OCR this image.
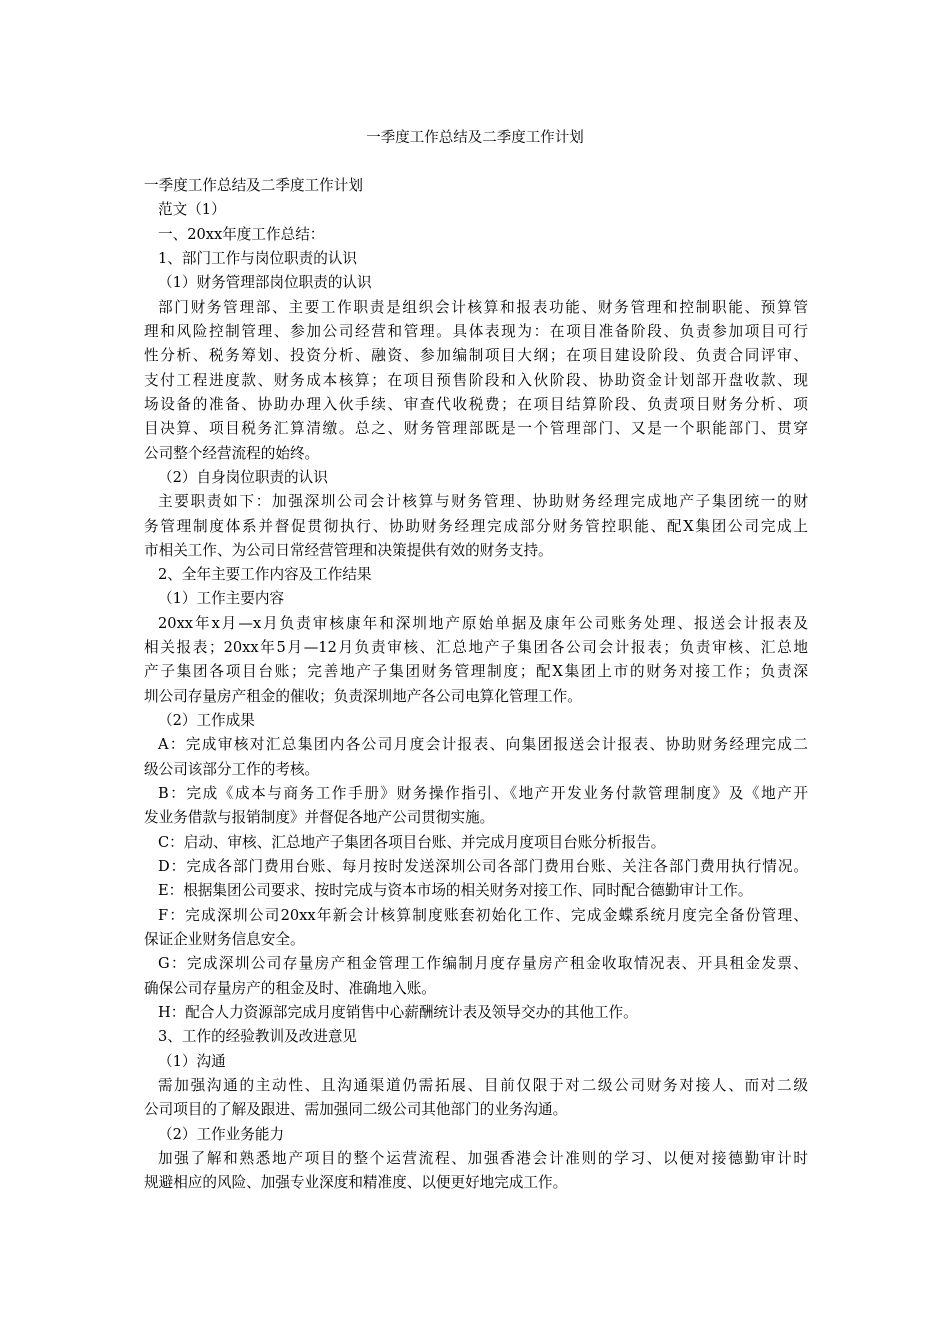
一季度工作总结及二季度工作计划
一季度工作总结及二季度工作计划
范文（1）
一、20xx年度工作总结：
1、部门工作与岗位职责的认识
（1）财务管理部岗位职责的认识
部门财务管理部、主要工作职责是组织会计核算和报表功能、财务管理和控制职能、预算管
理和风险控制管理、参加公司经营和管理。具体表现为：在项目准备阶段、负责参加项目可行
性分析、税务筹划、投资分析、融资、参加编制项目大纲；在项目建设阶段、负责合同评审、
支付工程进度款、财务成本核算；在项目预售阶段和入伙阶段、协助资金计划部开盘收款、现
场设备的准备、协助办理入伙手续、审查代收税费；在项目结算阶段、负责项目财务分析、项
目决算、项目税务汇算清缴。总之、财务管理部既是一个管理部门、又是一个职能部门、贯穿
公司整个经营流程的始终。
（2）自身岗位职责的认识
主要职责如下：加强深圳公司会计核算与财务管理、协助财务经理完成地产子集团统一的财
务管理制度体系并督促贯彻执行、协助财务经理完成部分财务管控职能、配X集团公司完成上
市相关工作、为公司日常经营管理和决策提供有效的财务支持。
2、全年主要工作内容及工作结果
（1）工作主要内容
20xx年x月—x月负责审核康年和深圳地产原始单据及康年公司账务处理、报送会计报表及
相关报表；20xx年5月—12月负责审核、汇总地产子集团各公司会计报表；负责审核、汇总地
产子集团各项目台账；完善地产子集团财务管理制度；配X集团上市的财务对接工作；负责深
圳公司存量房产租金的催收；负责深圳地产各公司电算化管理工作。
（2）工作成果
A：完成审核对汇总集团内各公司月度会计报表、向集团报送会计报表、协助财务经理完成二
级公司该部分工作的考核。
B：完成《成本与商务工作手册》财务操作指引、《地产开发业务付款管理制度》及《地产开
发业务借款与报销制度》并督促各地产公司贯彻实施。
C：启动、审核、汇总地产子集团各项目台账、并完成月度项目台账分析报告。
D：完成各部门费用台账、每月按时发送深圳公司各部门费用台账、关注各部门费用执行情况。
E：根据集团公司要求、按时完成与资本市场的相关财务对接工作、同时配合德勤审计工作。
F：完成深圳公司20xx年新会计核算制度账套初始化工作、完成金蝶系统月度完全备份管理、
保证企业财务信息安全。
G：完成深圳公司存量房产租金管理工作编制月度存量房产租金收取情况表、开具租金发票、
确保公司存量房产的租金及时、准确地入账。
H：配合人力资源部完成月度销售中心薪酬统计表及领导交办的其他工作。
3、工作的经验教训及改进意见
（1）沟通
需加强沟通的主动性、且沟通渠道仍需拓展、目前仅限于对二级公司财务对接人、而对二级
公司项目的了解及跟进、需加强同二级公司其他部门的业务沟通。
（2）工作业务能力
加强了解和熟悉地产项目的整个运营流程、加强香港会计准则的学习、以便对接德勤审计时
规避相应的风险、加强专业深度和精准度、以便更好地完成工作。
